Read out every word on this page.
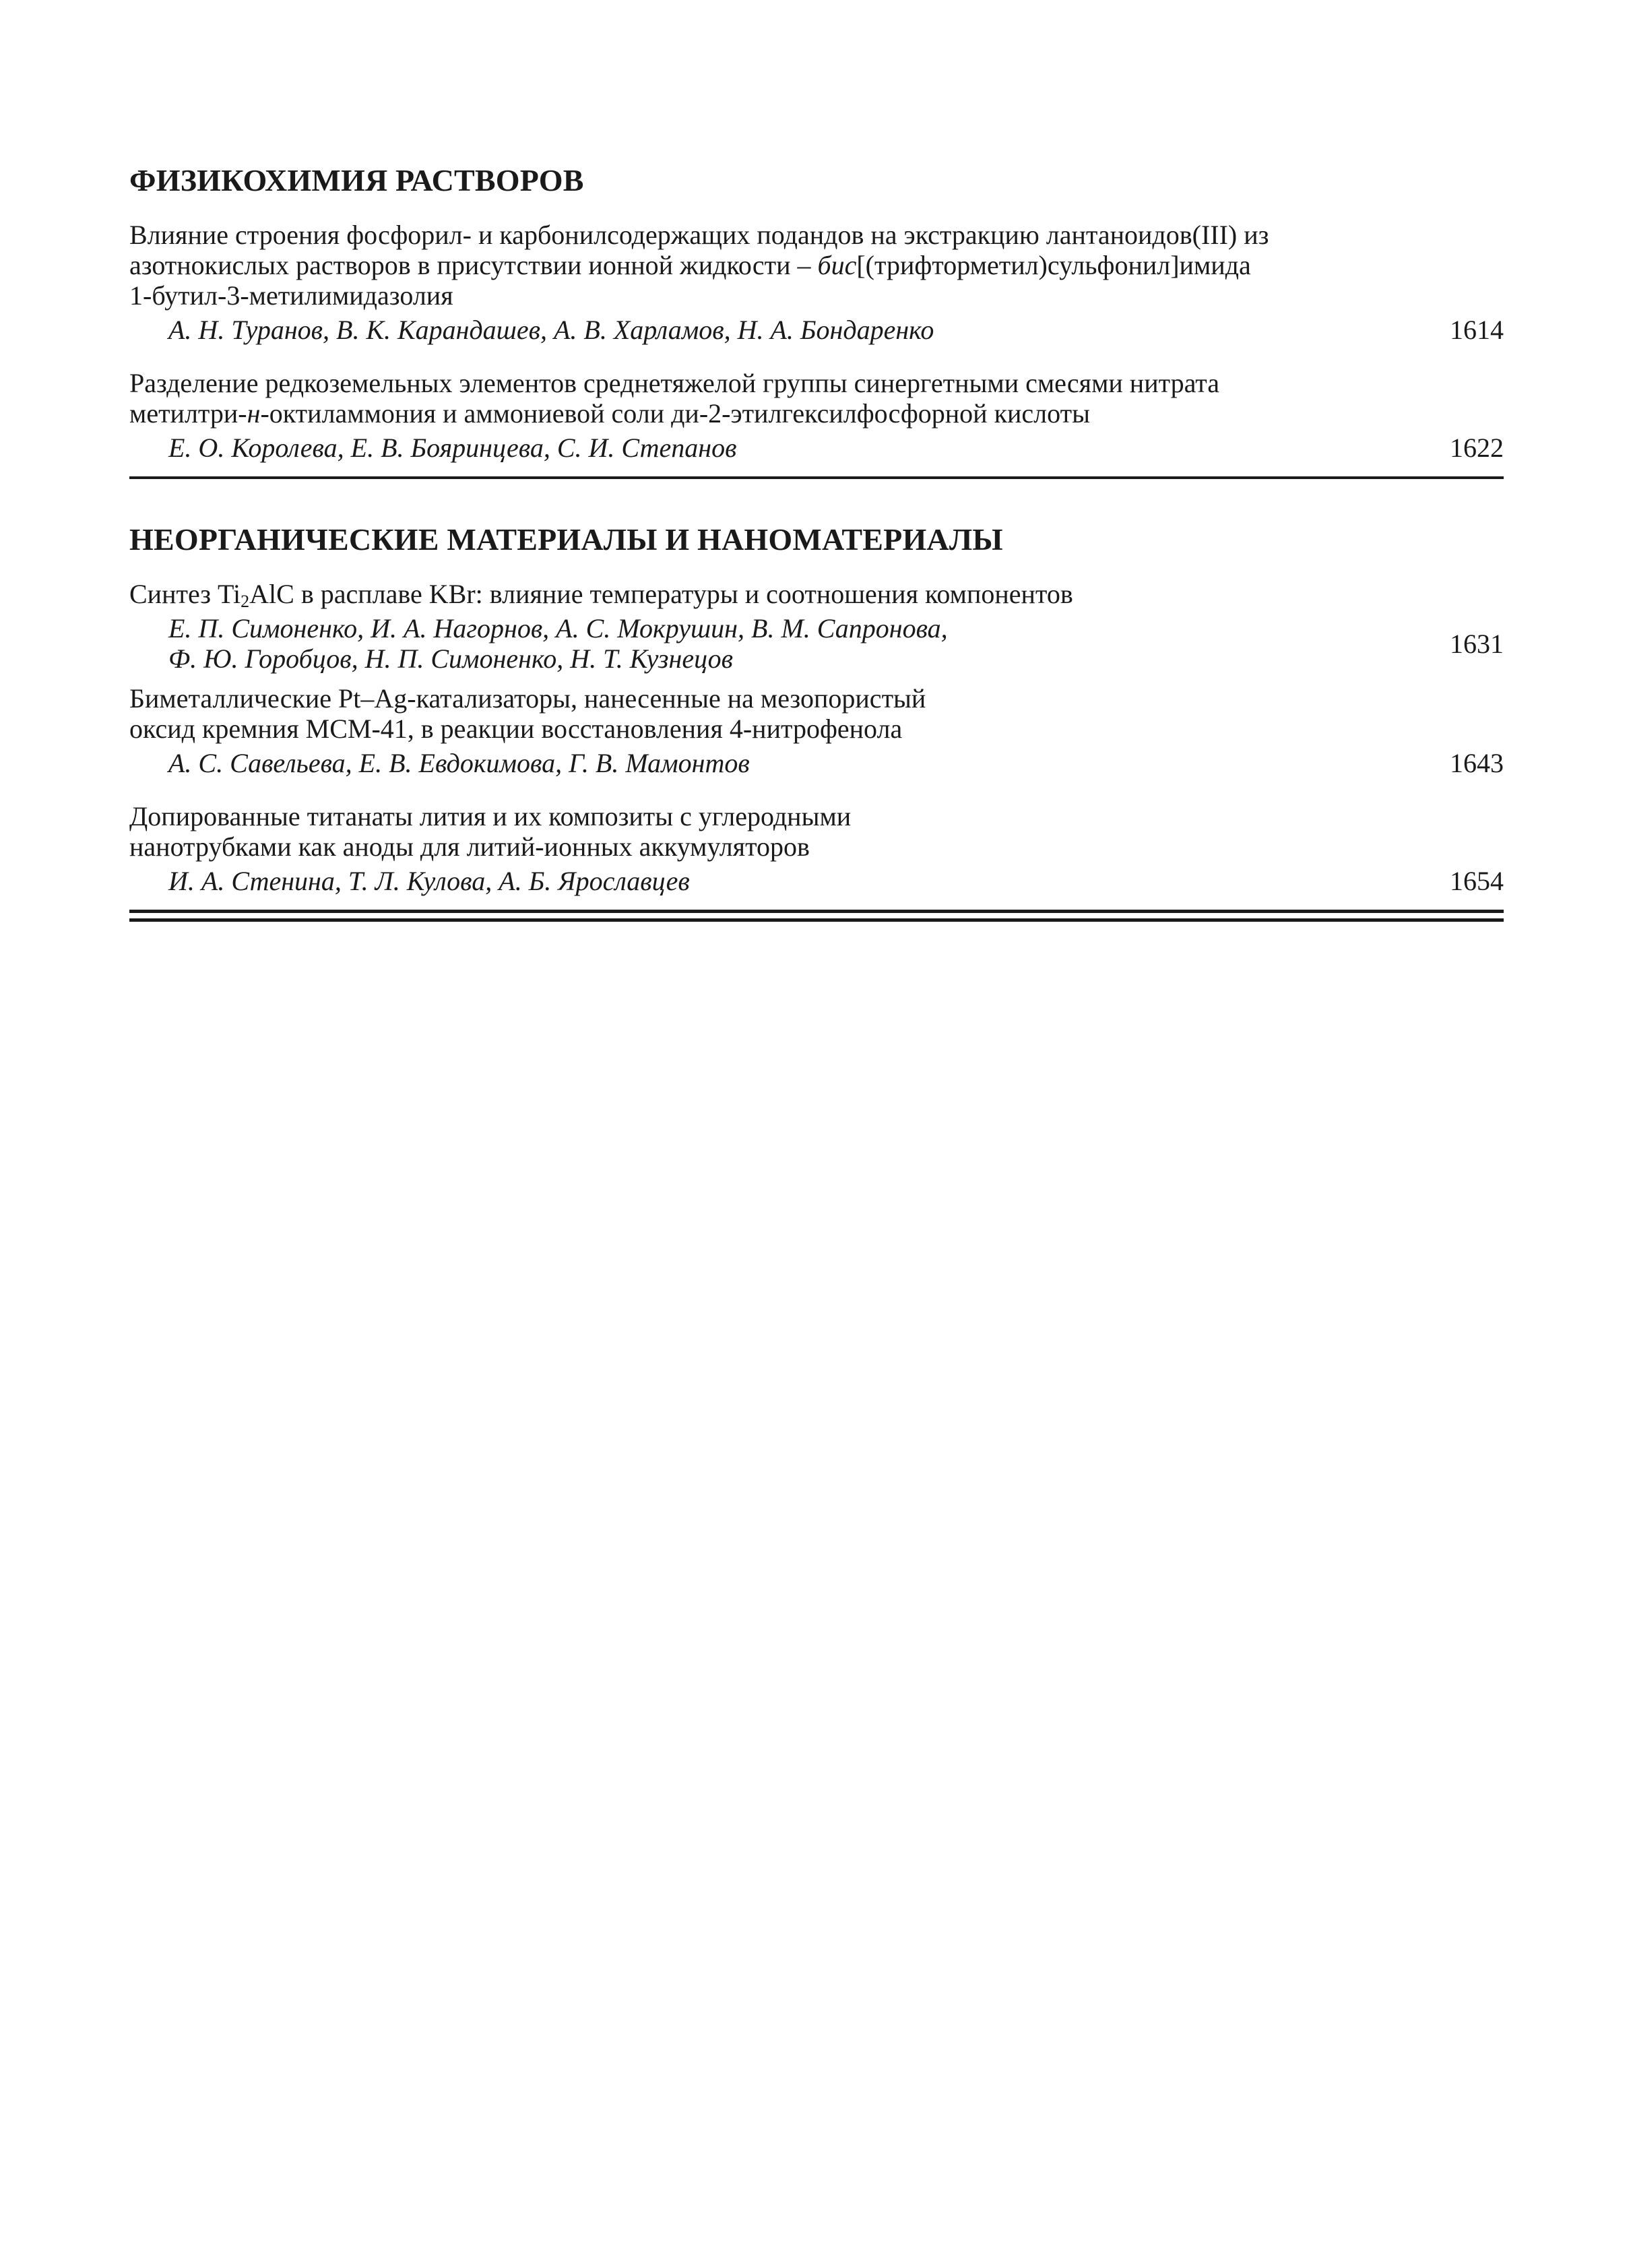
ФИЗИКОХИМИЯ РАСТВОРОВ
Влияние строения фосфорил- и карбонилсодержащих подандов на экстракцию лантаноидов(III) из
азотнокислых растворов в присутствии ионной жидкости – бис[(трифторметил)сульфонил]имида
1-бутил-3-метилимидазолия
А. Н. Туранов, В. К. Карандашев, А. В. Харламов, Н. А. Бондаренко	1614
Разделение редкоземельных элементов среднетяжелой группы синергетными смесями нитрата
метилтри-н-октиламмония и аммониевой соли ди-2-этилгексилфосфорной кислоты
Е. О. Королева, Е. В. Бояринцева, С. И. Степанов	1622
НЕОРГАНИЧЕСКИЕ МАТЕРИАЛЫ И НАНОМАТЕРИАЛЫ
Синтез $Ti_2AlC$ в расплаве KBr: влияние температуры и соотношения компонентов
Е. П. Симоненко, И. А. Нагорнов, А. С. Мокрушин, В. М. Сапронова,
Ф. Ю. Горобцов, Н. П. Симоненко, Н. Т. Кузнецов	1631
Биметаллические Pt–Ag-катализаторы, нанесенные на мезопористый
оксид кремния MCM-41, в реакции восстановления 4-нитрофенола
А. С. Савельева, Е. В. Евдокимова, Г. В. Мамонтов	1643
Допированные титанаты лития и их композиты с углеродными
нанотрубками как аноды для литий-ионных аккумуляторов
И. А. Стенина, Т. Л. Кулова, А. Б. Ярославцев	1654
